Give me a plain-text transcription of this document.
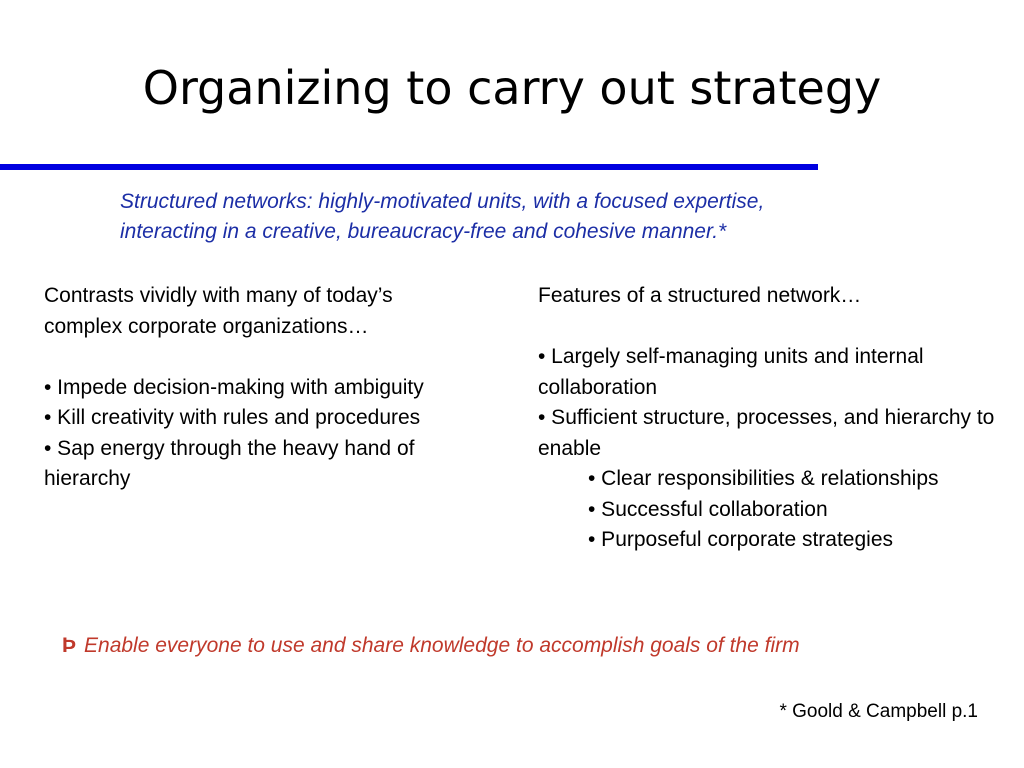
Organizing to carry out strategy
Structured networks: highly-motivated units, with a focused expertise,
interacting in a creative, bureaucracy-free and cohesive manner.*

Contrasts vividly with many of today’s complex corporate organizations…

• Impede decision-making with ambiguity

• Kill creativity with rules and procedures

• Sap energy through the heavy hand of hierarchy

Features of a structured network…

• Largely self-managing units and internal collaboration

• Sufficient structure, processes, and hierarchy to enable

• Clear responsibilities & relationships

• Successful collaboration

• Purposeful corporate strategies

Þ Enable everyone to use and share knowledge to accomplish goals of the firm
* Goold & Campbell p.1
